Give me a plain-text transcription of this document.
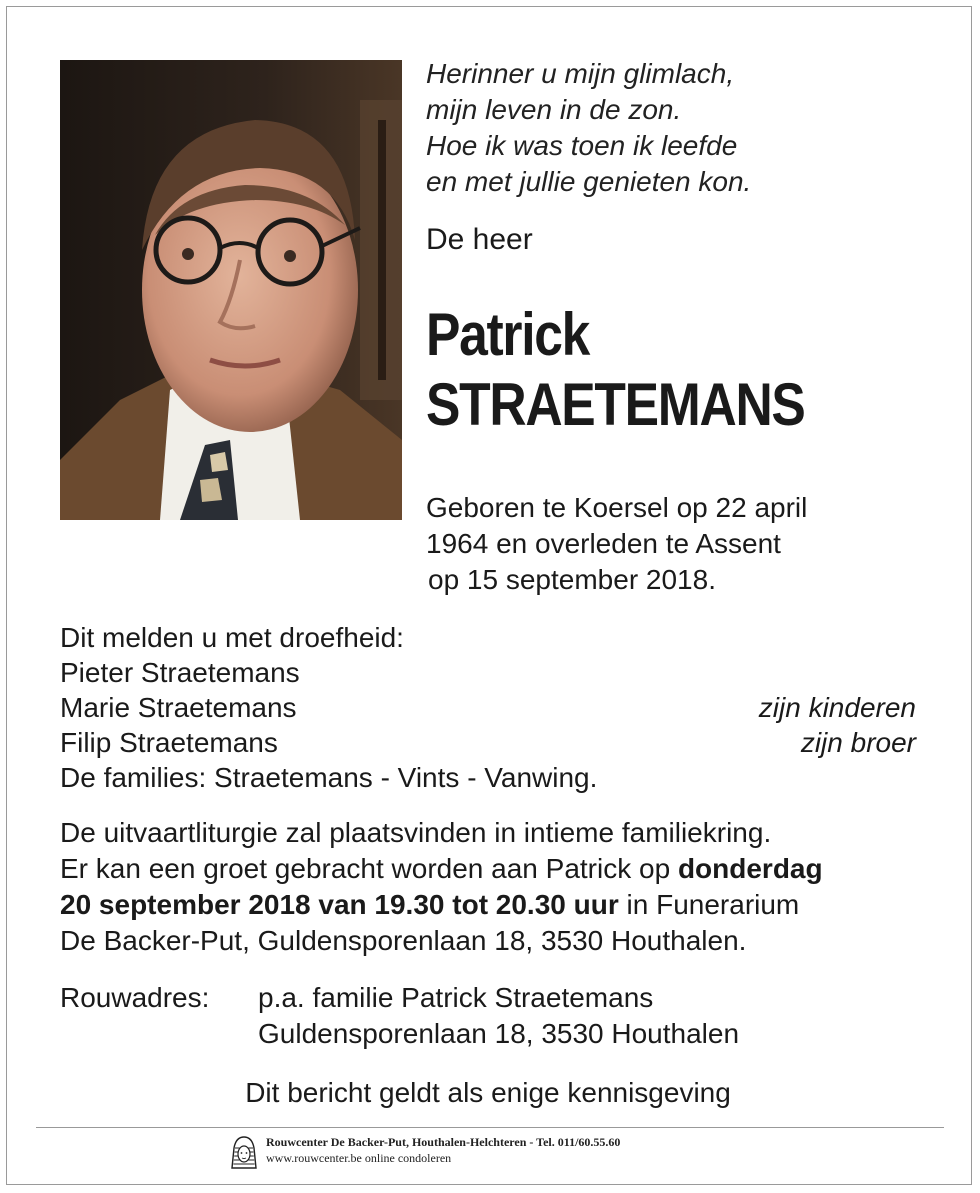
Herinner u mijn glimlach,
mijn leven in de zon.
Hoe ik was toen ik leefde
en met jullie genieten kon.
De heer
Patrick
STRAETEMANS
Geboren te Koersel op 22 april
1964 en overleden te Assent
op 15 september 2018.
Dit melden u met droefheid:
Pieter Straetemans
Marie Straetemans	zijn kinderen
Filip Straetemans	zijn broer
De families: Straetemans - Vints - Vanwing.
De uitvaartliturgie zal plaatsvinden in intieme familiekring.
Er kan een groet gebracht worden aan Patrick op donderdag
20 september 2018 van 19.30 tot 20.30 uur in Funerarium
De Backer-Put, Guldensporenlaan 18, 3530 Houthalen.
Rouwadres: p.a. familie Patrick Straetemans
Guldensporenlaan 18, 3530 Houthalen
Dit bericht geldt als enige kennisgeving
Rouwcenter De Backer-Put, Houthalen-Helchteren - Tel. 011/60.55.60
www.rouwcenter.be online condoleren
